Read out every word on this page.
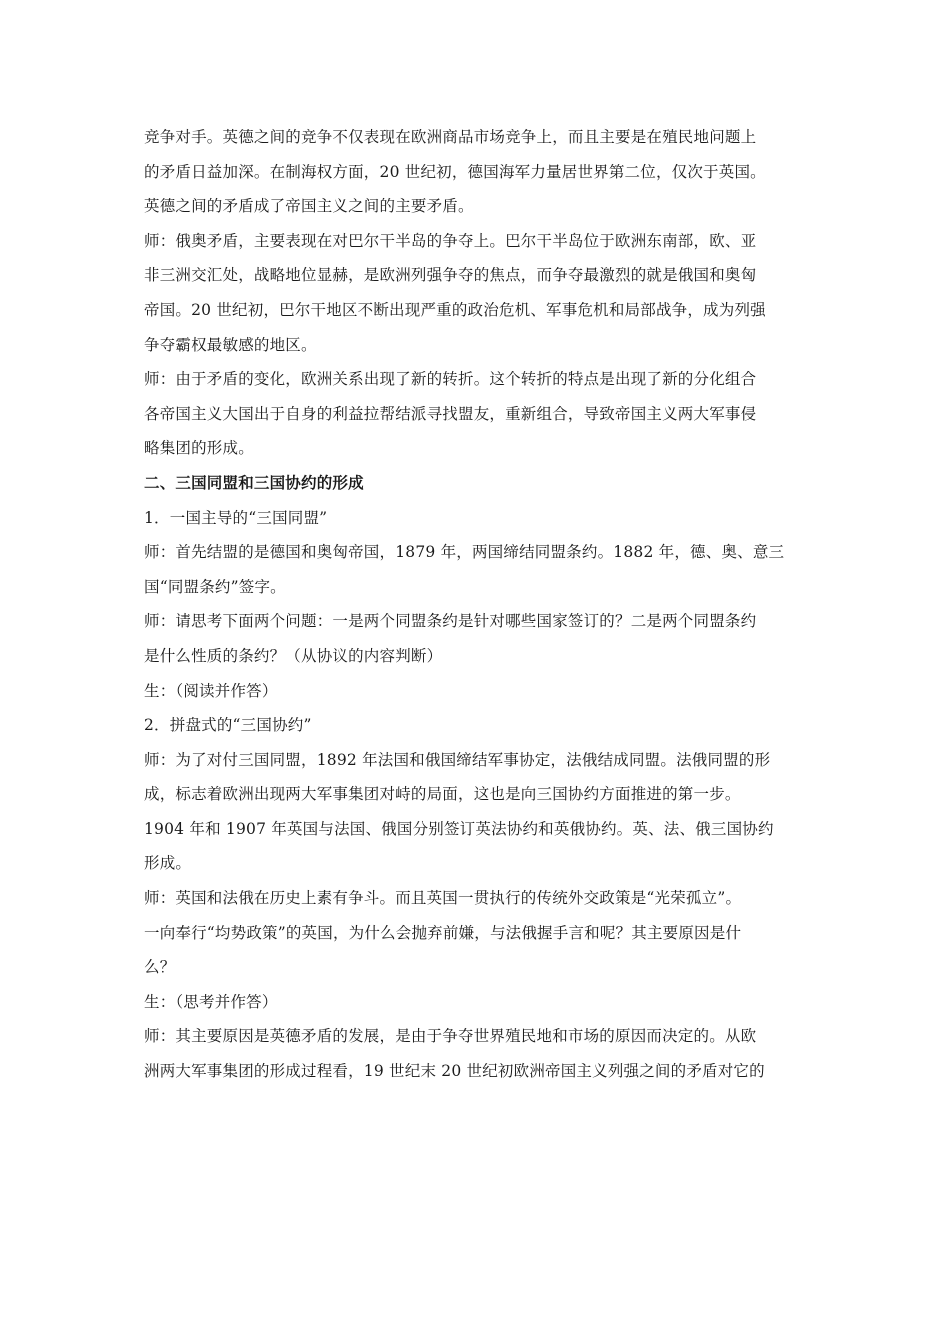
竞争对手。英德之间的竞争不仅表现在欧洲商品市场竞争上，而且主要是在殖民地问题上
的矛盾日益加深。在制海权方面，20 世纪初，德国海军力量居世界第二位，仅次于英国。
英德之间的矛盾成了帝国主义之间的主要矛盾。
师：俄奥矛盾，主要表现在对巴尔干半岛的争夺上。巴尔干半岛位于欧洲东南部，欧、亚
非三洲交汇处，战略地位显赫，是欧洲列强争夺的焦点，而争夺最激烈的就是俄国和奥匈
帝国。20 世纪初，巴尔干地区不断出现严重的政治危机、军事危机和局部战争，成为列强
争夺霸权最敏感的地区。
师：由于矛盾的变化，欧洲关系出现了新的转折。这个转折的特点是出现了新的分化组合
各帝国主义大国出于自身的利益拉帮结派寻找盟友，重新组合，导致帝国主义两大军事侵
略集团的形成。
二、三国同盟和三国协约的形成
1．一国主导的“三国同盟”
师：首先结盟的是德国和奥匈帝国，1879 年，两国缔结同盟条约。1882 年，德、奥、意三
国“同盟条约”签字。
师：请思考下面两个问题：一是两个同盟条约是针对哪些国家签订的？二是两个同盟条约
是什么性质的条约？（从协议的内容判断）
生：（阅读并作答）
2．拼盘式的“三国协约”
师：为了对付三国同盟，1892 年法国和俄国缔结军事协定，法俄结成同盟。法俄同盟的形
成，标志着欧洲出现两大军事集团对峙的局面，这也是向三国协约方面推进的第一步。
1904 年和 1907 年英国与法国、俄国分别签订英法协约和英俄协约。英、法、俄三国协约
形成。
师：英国和法俄在历史上素有争斗。而且英国一贯执行的传统外交政策是“光荣孤立”。
一向奉行“均势政策”的英国，为什么会抛弃前嫌，与法俄握手言和呢？其主要原因是什
么？
生：（思考并作答）
师：其主要原因是英德矛盾的发展，是由于争夺世界殖民地和市场的原因而决定的。从欧
洲两大军事集团的形成过程看，19 世纪末 20 世纪初欧洲帝国主义列强之间的矛盾对它的
